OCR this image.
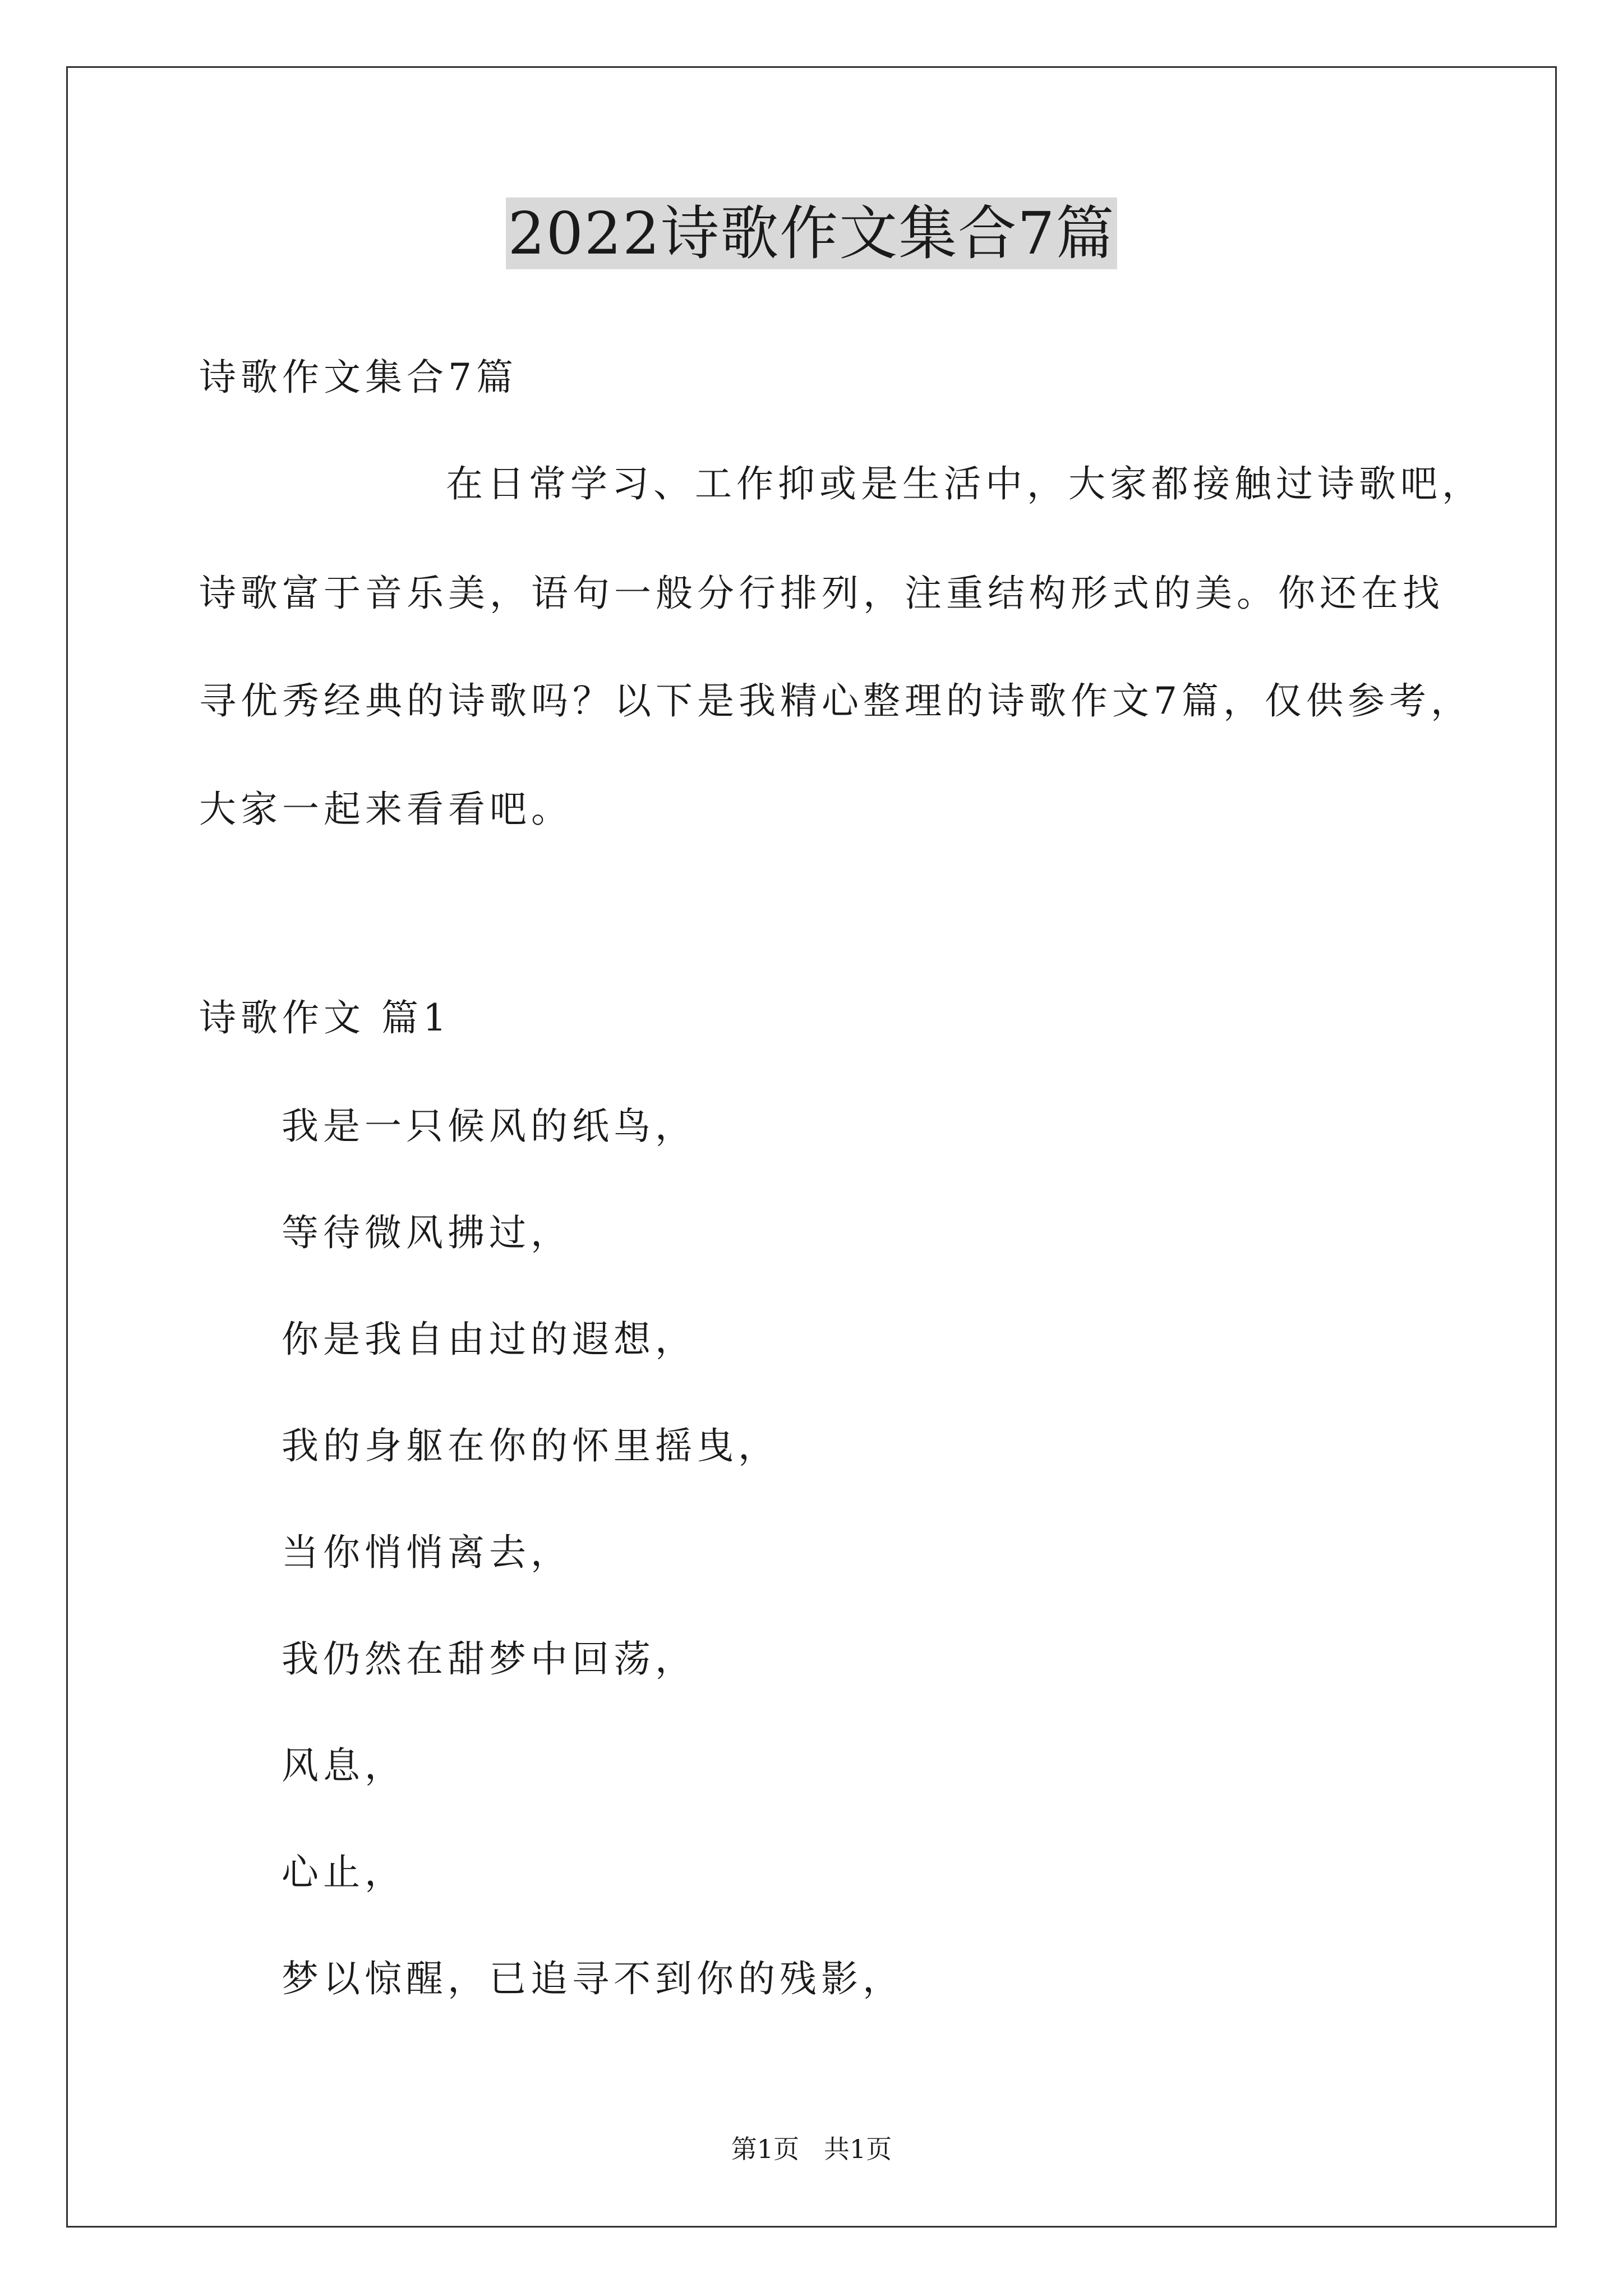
2022诗歌作文集合7篇
诗歌作文集合7篇
在日常学习、工作抑或是生活中，大家都接触过诗歌吧，
诗歌富于音乐美，语句一般分行排列，注重结构形式的美。你还在找
寻优秀经典的诗歌吗？以下是我精心整理的诗歌作文7篇，仅供参考，
大家一起来看看吧。
诗歌作文 篇1
我是一只候风的纸鸟，
等待微风拂过，
你是我自由过的遐想，
我的身躯在你的怀里摇曳，
当你悄悄离去，
我仍然在甜梦中回荡，
风息，
心止，
梦以惊醒，已追寻不到你的残影，
第1页   共1页
